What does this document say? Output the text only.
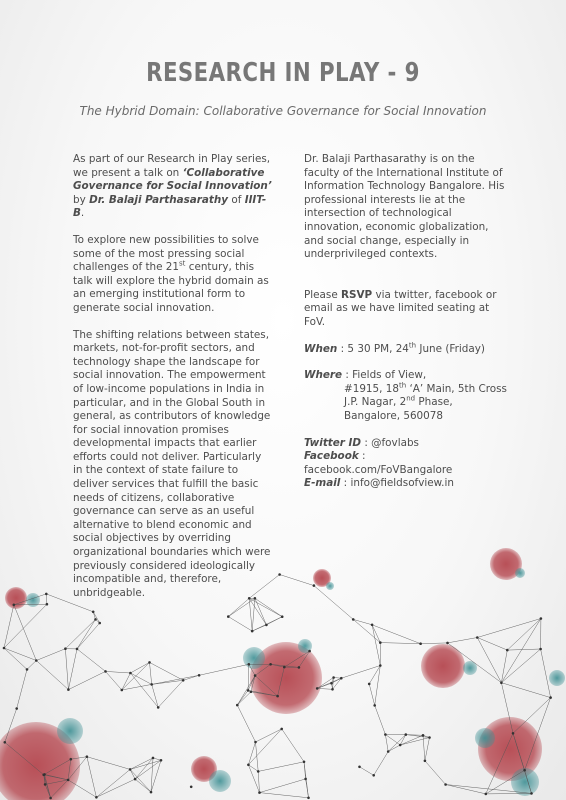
RESEARCH IN PLAY - 9
The Hybrid Domain: Collaborative Governance for Social Innovation

As part of our Research in Play series, we present a talk on ‘Collaborative Governance for Social Innovation’ by Dr. Balaji Parthasarathy of IIIT-B.

To explore new possibilities to solve some of the most pressing social challenges of the 21st century, this talk will explore the hybrid domain as an emerging institutional form to generate social innovation.

The shifting relations between states, markets, not-for-profit sectors, and technology shape the landscape for social innovation. The empowerment of low-income populations in India in particular, and in the Global South in general, as contributors of knowledge for social innovation promises developmental impacts that earlier efforts could not deliver. Particularly in the context of state failure to deliver services that fulfill the basic needs of citizens, collaborative governance can serve as an useful alternative to blend economic and social objectives by overriding organizational boundaries which were previously considered ideologically incompatible and, therefore, unbridgeable.

Dr. Balaji Parthasarathy is on the faculty of the International Institute of Information Technology Bangalore. His professional interests lie at the intersection of technological innovation, economic globalization, and social change, especially in underprivileged contexts.

Please RSVP via twitter, facebook or email as we have limited seating at FoV.

When : 5 30 PM, 24th June (Friday)

Where : Fields of View,
#1915, 18th ‘A’ Main, 5th Cross
J.P. Nagar, 2nd Phase,
Bangalore, 560078
Twitter ID : @fovlabs
Facebook : facebook.com/FoVBangalore
E-mail : info@fieldsofview.in
